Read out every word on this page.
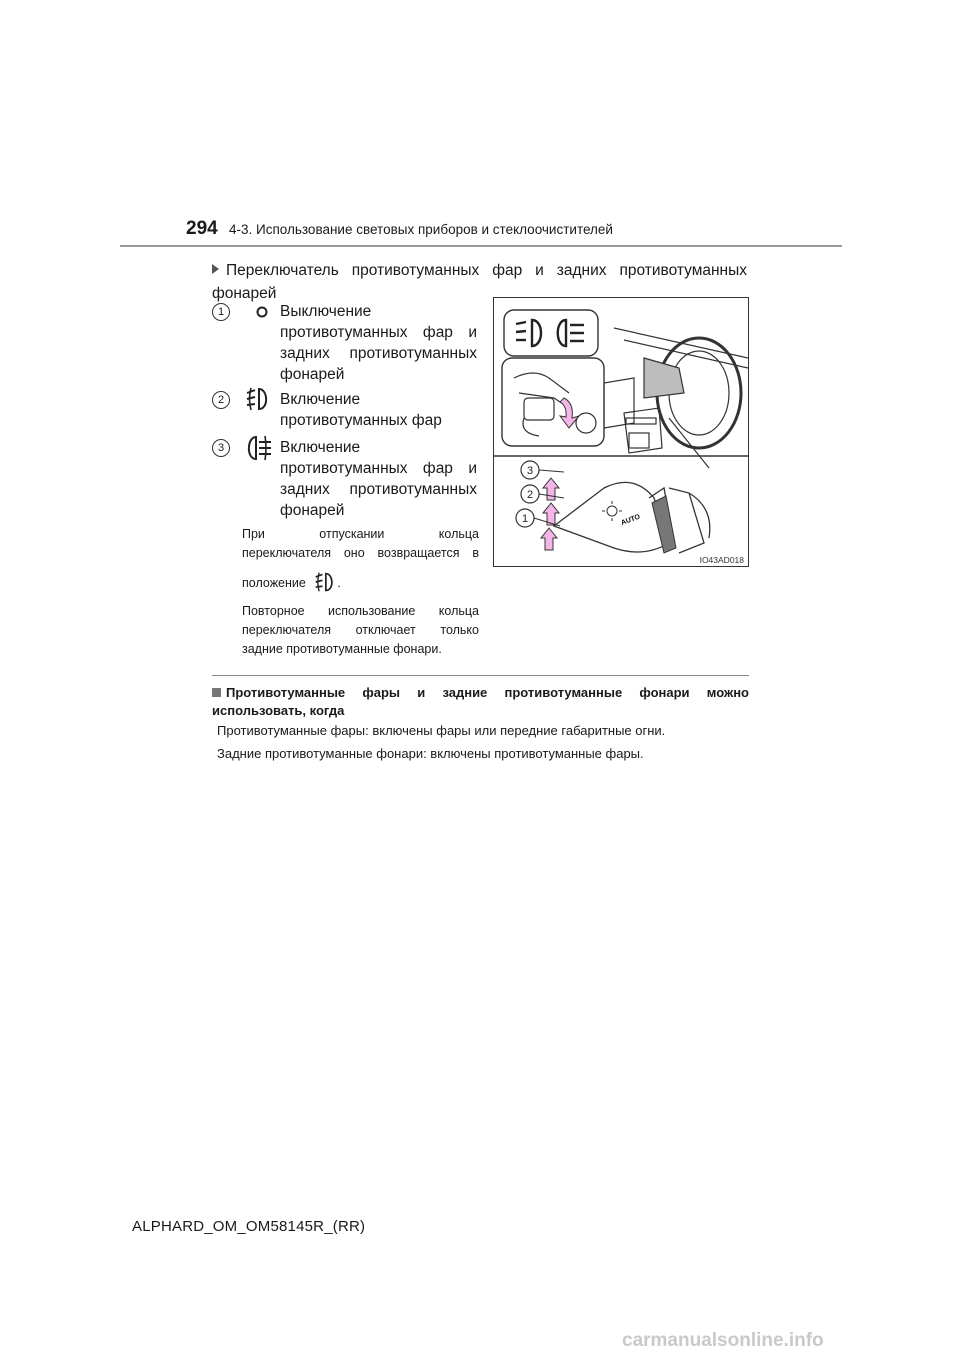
294 4-3. Использование световых приборов и стеклоочистителей
Переключатель противотуманных фар и задних противотуманных
фонарей
1	Выключение
противотуманных фар и
задних противотуманных
фонарей
2	Включение
противотуманных фар
3	Включение
противотуманных фар и
задних противотуманных
фонарей
При отпускании кольца
переключателя оно возвращается в
положение	.
Повторное использование кольца
переключателя отключает только
задние противотуманные фонари.
AUTO
3
2
1
IO43AD018
Противотуманные фары и задние противотуманные фонари можно
использовать, когда
Противотуманные фары: включены фары или передние габаритные огни.
Задние противотуманные фонари: включены противотуманные фары.
ALPHARD_OM_OM58145R_(RR)
carmanualsonline.info
